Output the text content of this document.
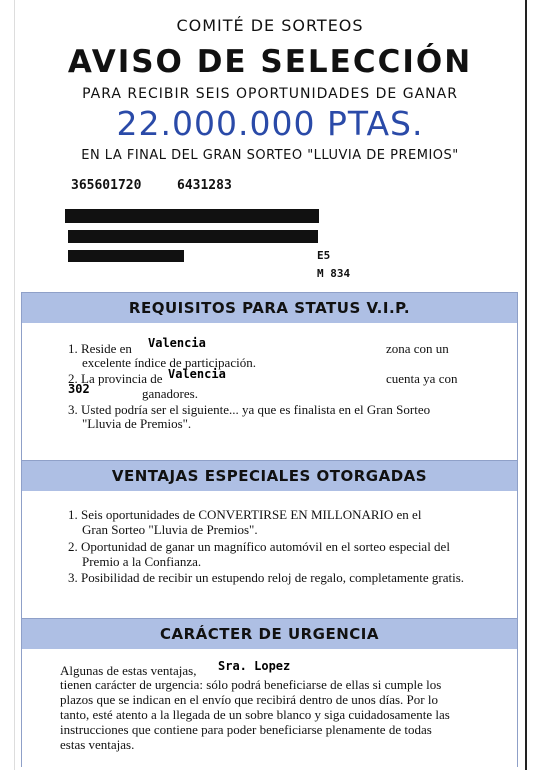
COMITÉ DE SORTEOS
AVISO DE SELECCIÓN
PARA RECIBIR SEIS OPORTUNIDADES DE GANAR
22.000.000 PTAS.
EN LA FINAL DEL GRAN SORTEO "LLUVIA DE PREMIOS"
365601720	6431283
E5
M 834
REQUISITOS PARA STATUS V.I.P.
1. Reside en Valencia	zona con un
excelente índice de participación.
2. La provincia de Valencia	cuenta ya con
302	ganadores.
3. Usted podría ser el siguiente... ya que es finalista en el Gran Sorteo
"Lluvia de Premios".
VENTAJAS ESPECIALES OTORGADAS
1. Seis oportunidades de CONVERTIRSE EN MILLONARIO en el
Gran Sorteo "Lluvia de Premios".
2. Oportunidad de ganar un magnífico automóvil en el sorteo especial del
Premio a la Confianza.
3. Posibilidad de recibir un estupendo reloj de regalo, completamente gratis.
CARÁCTER DE URGENCIA
Algunas de estas ventajas, Sra. Lopez
tienen carácter de urgencia: sólo podrá beneficiarse de ellas si cumple los
plazos que se indican en el envío que recibirá dentro de unos días. Por lo
tanto, esté atento a la llegada de un sobre blanco y siga cuidadosamente las
instrucciones que contiene para poder beneficiarse plenamente de todas
estas ventajas.
